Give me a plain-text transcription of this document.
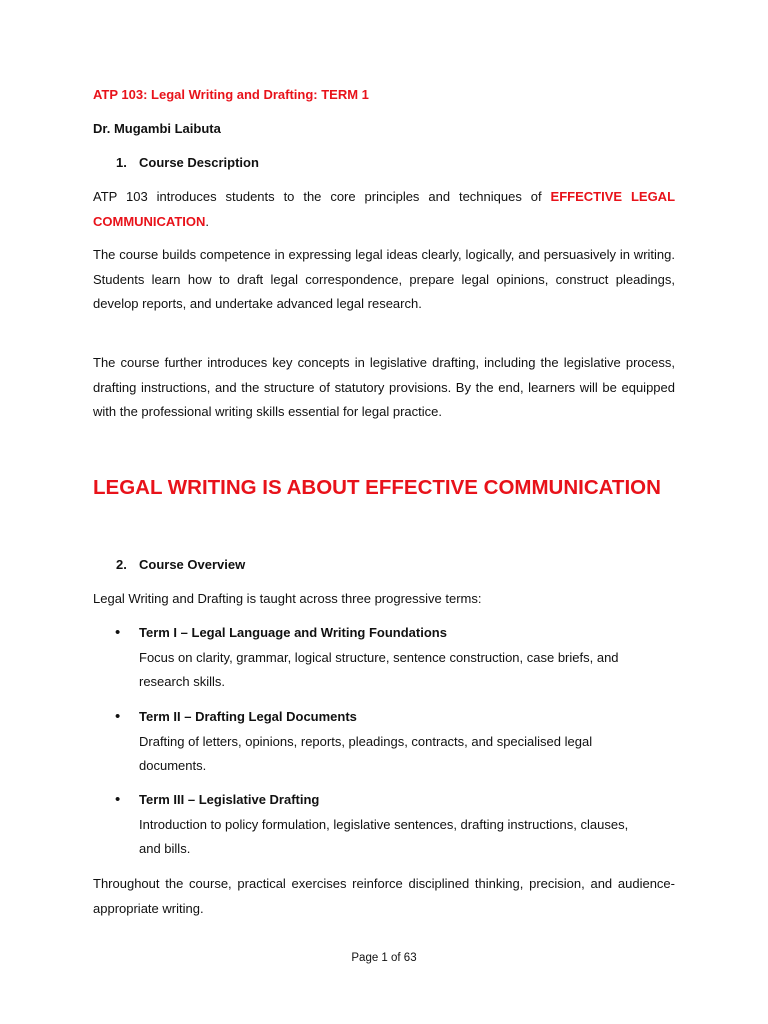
ATP 103: Legal Writing and Drafting: TERM 1
Dr. Mugambi Laibuta
1. Course Description
ATP 103 introduces students to the core principles and techniques of EFFECTIVE LEGAL COMMUNICATION.
The course builds competence in expressing legal ideas clearly, logically, and persuasively in writing. Students learn how to draft legal correspondence, prepare legal opinions, construct pleadings, develop reports, and undertake advanced legal research.
The course further introduces key concepts in legislative drafting, including the legislative process, drafting instructions, and the structure of statutory provisions. By the end, learners will be equipped with the professional writing skills essential for legal practice.
LEGAL WRITING IS ABOUT EFFECTIVE COMMUNICATION
2. Course Overview
Legal Writing and Drafting is taught across three progressive terms:
• Term I – Legal Language and Writing Foundations
Focus on clarity, grammar, logical structure, sentence construction, case briefs, and
research skills.
• Term II – Drafting Legal Documents
Drafting of letters, opinions, reports, pleadings, contracts, and specialised legal
documents.
• Term III – Legislative Drafting
Introduction to policy formulation, legislative sentences, drafting instructions, clauses,
and bills.
Throughout the course, practical exercises reinforce disciplined thinking, precision, and audience-appropriate writing.
Page 1 of 63
